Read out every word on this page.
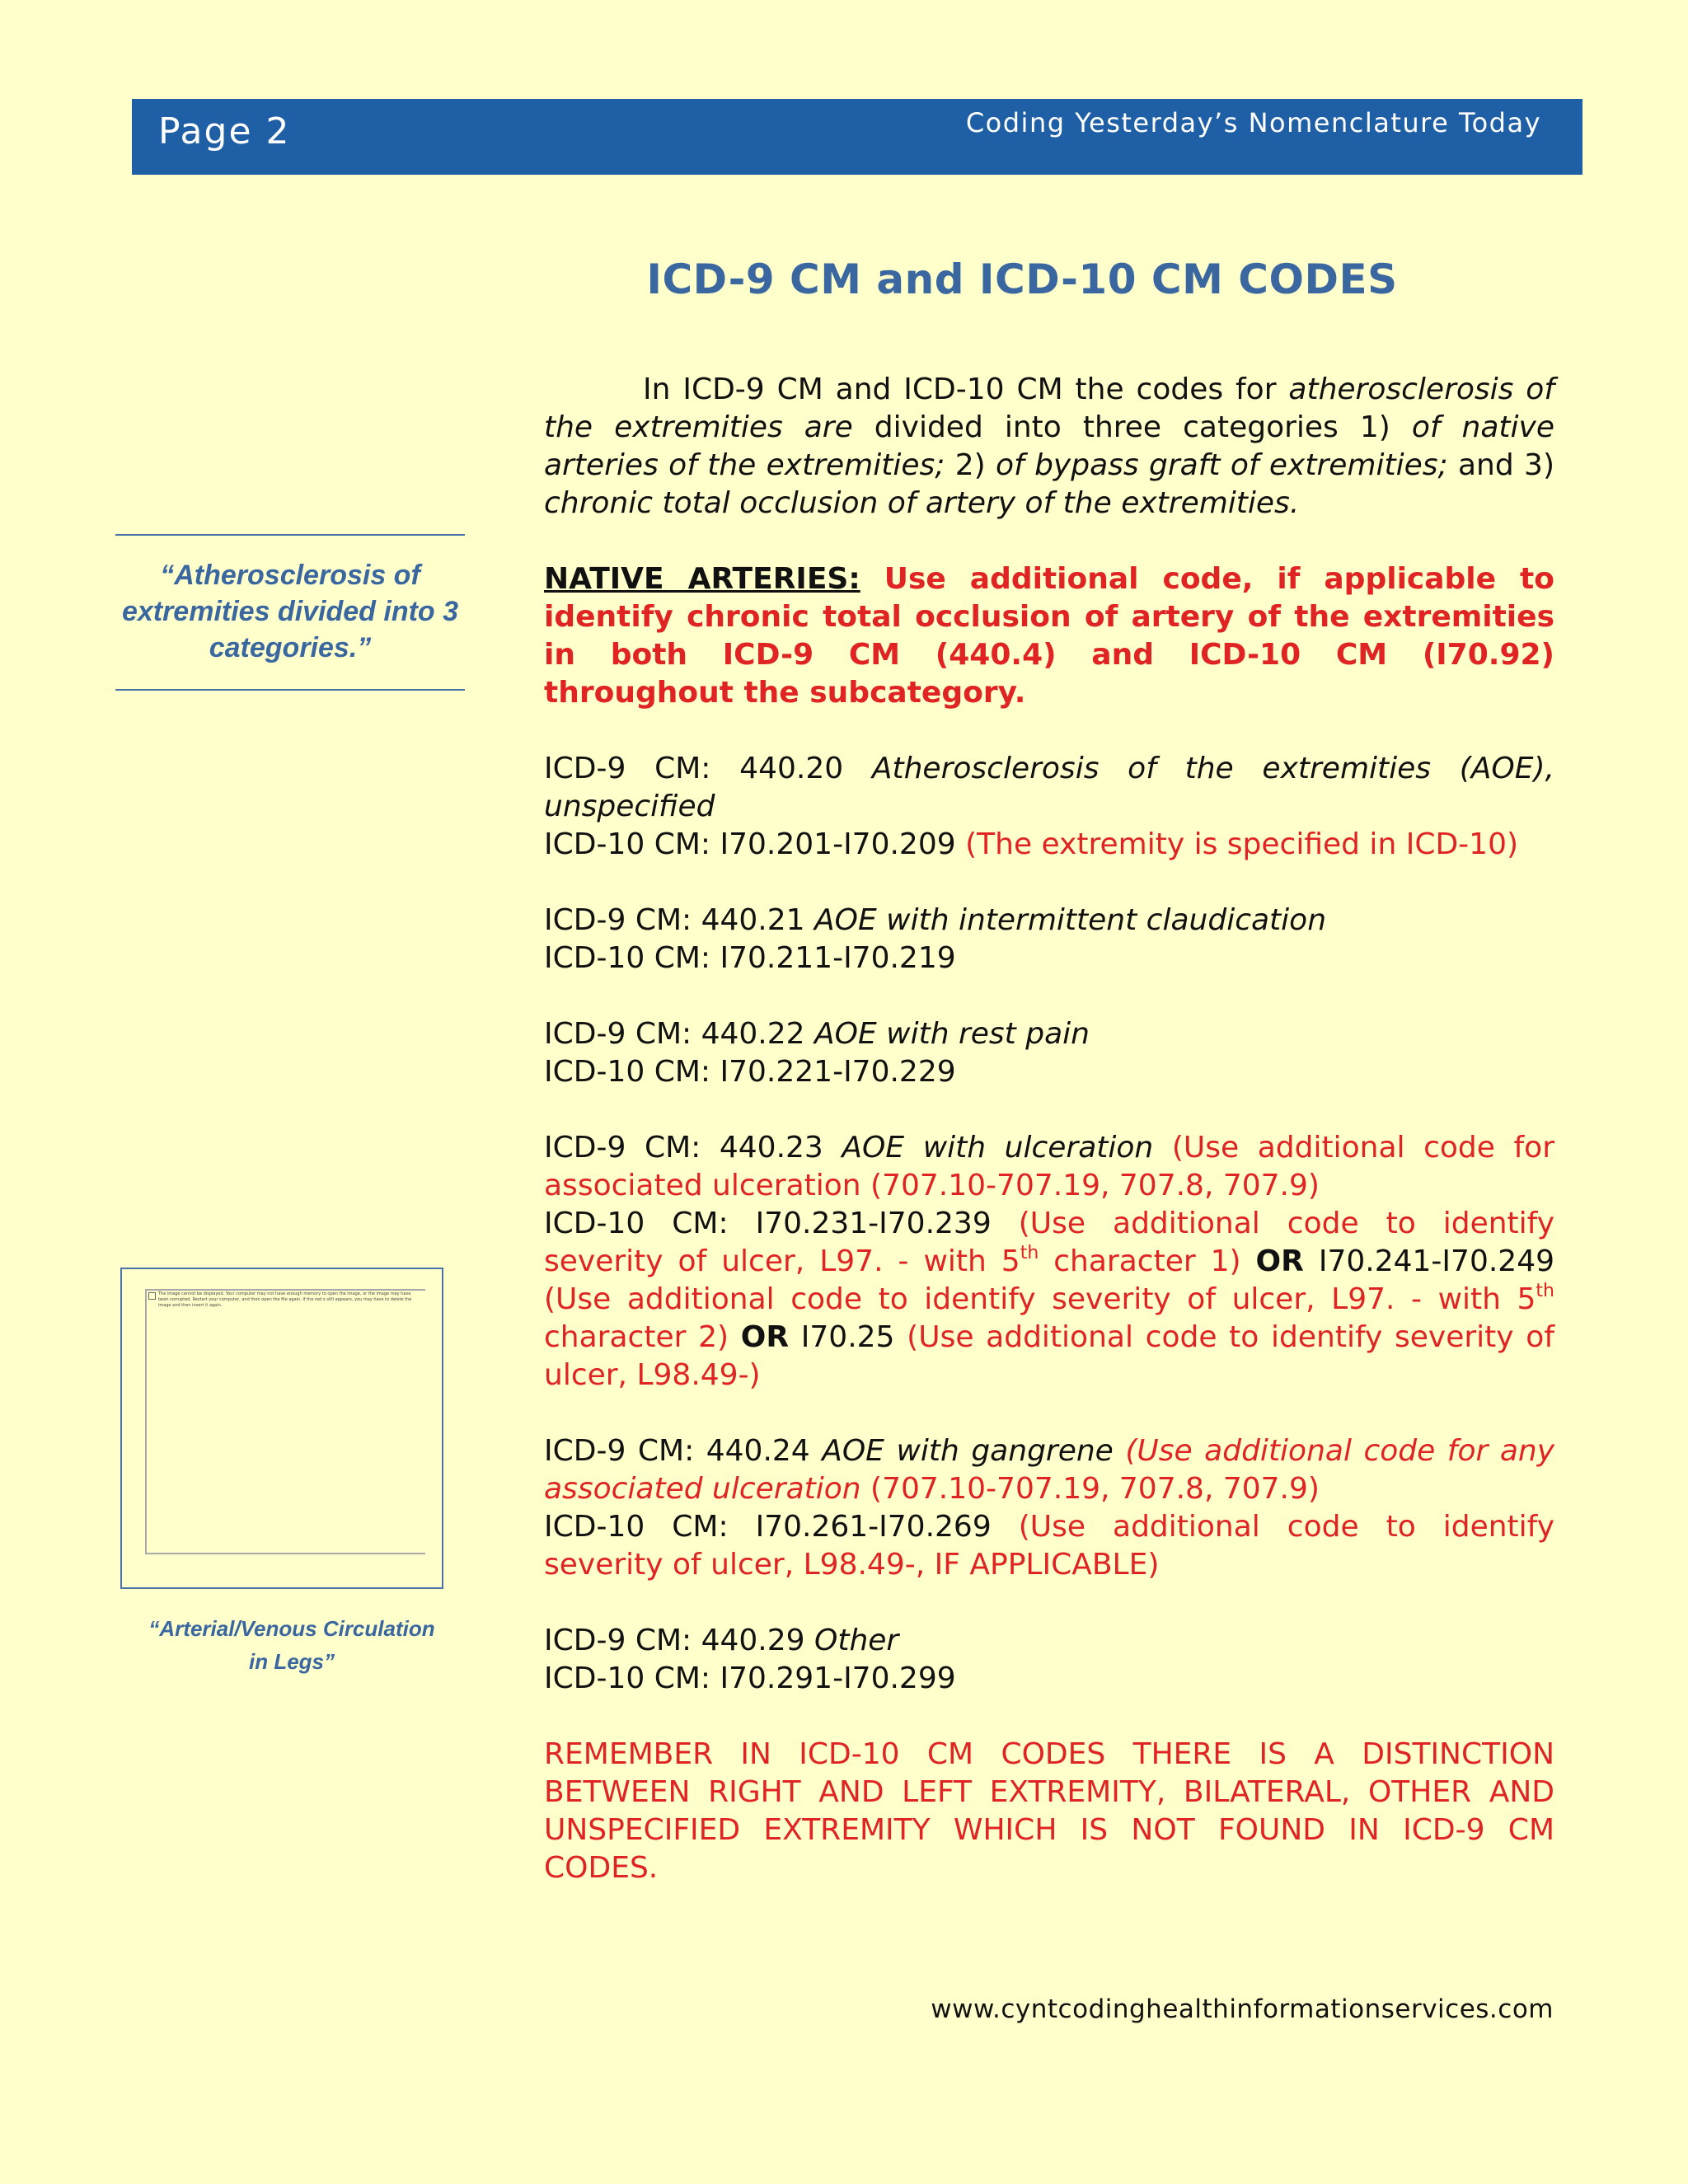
Page 2	Coding Yesterday’s Nomenclature Today
ICD-9 CM and ICD-10 CM CODES
“Atherosclerosis of extremities divided into 3 categories.”
The image cannot be displayed. Your computer may not have enough memory to open the image, or the image may have been corrupted. Restart your computer, and then open the file again. If the red x still appears, you may have to delete the image and then insert it again.
“Arterial/Venous Circulation
in Legs”

In ICD-9 CM and ICD-10 CM the codes for atherosclerosis of the extremities are divided into three categories 1) of native arteries of the extremities; 2) of bypass graft of extremities; and 3) chronic total occlusion of artery of the extremities.

NATIVE ARTERIES: Use additional code, if applicable to identify chronic total occlusion of artery of the extremities in both ICD-9 CM (440.4) and ICD-10 CM (I70.92) throughout the subcategory.

ICD-9 CM: 440.20 Atherosclerosis of the extremities (AOE), unspecified

ICD-10 CM: I70.201-I70.209 (The extremity is specified in ICD-10)

ICD-9 CM: 440.21 AOE with intermittent claudication

ICD-10 CM: I70.211-I70.219

ICD-9 CM: 440.22 AOE with rest pain

ICD-10 CM: I70.221-I70.229

ICD-9 CM: 440.23 AOE with ulceration (Use additional code for associated ulceration (707.10-707.19, 707.8, 707.9)

ICD-10 CM: I70.231-I70.239 (Use additional code to identify severity of ulcer, L97. - with 5th character 1) OR I70.241-I70.249 (Use additional code to identify severity of ulcer, L97. - with 5th character 2) OR I70.25 (Use additional code to identify severity of ulcer, L98.49-)

ICD-9 CM: 440.24 AOE with gangrene (Use additional code for any associated ulceration (707.10-707.19, 707.8, 707.9)

ICD-10 CM: I70.261-I70.269 (Use additional code to identify severity of ulcer, L98.49-, IF APPLICABLE)

ICD-9 CM: 440.29 Other

ICD-10 CM: I70.291-I70.299

REMEMBER IN ICD-10 CM CODES THERE IS A DISTINCTION BETWEEN RIGHT AND LEFT EXTREMITY, BILATERAL, OTHER AND UNSPECIFIED EXTREMITY WHICH IS NOT FOUND IN ICD-9 CM CODES.

www.cyntcodinghealthinformationservices.com
